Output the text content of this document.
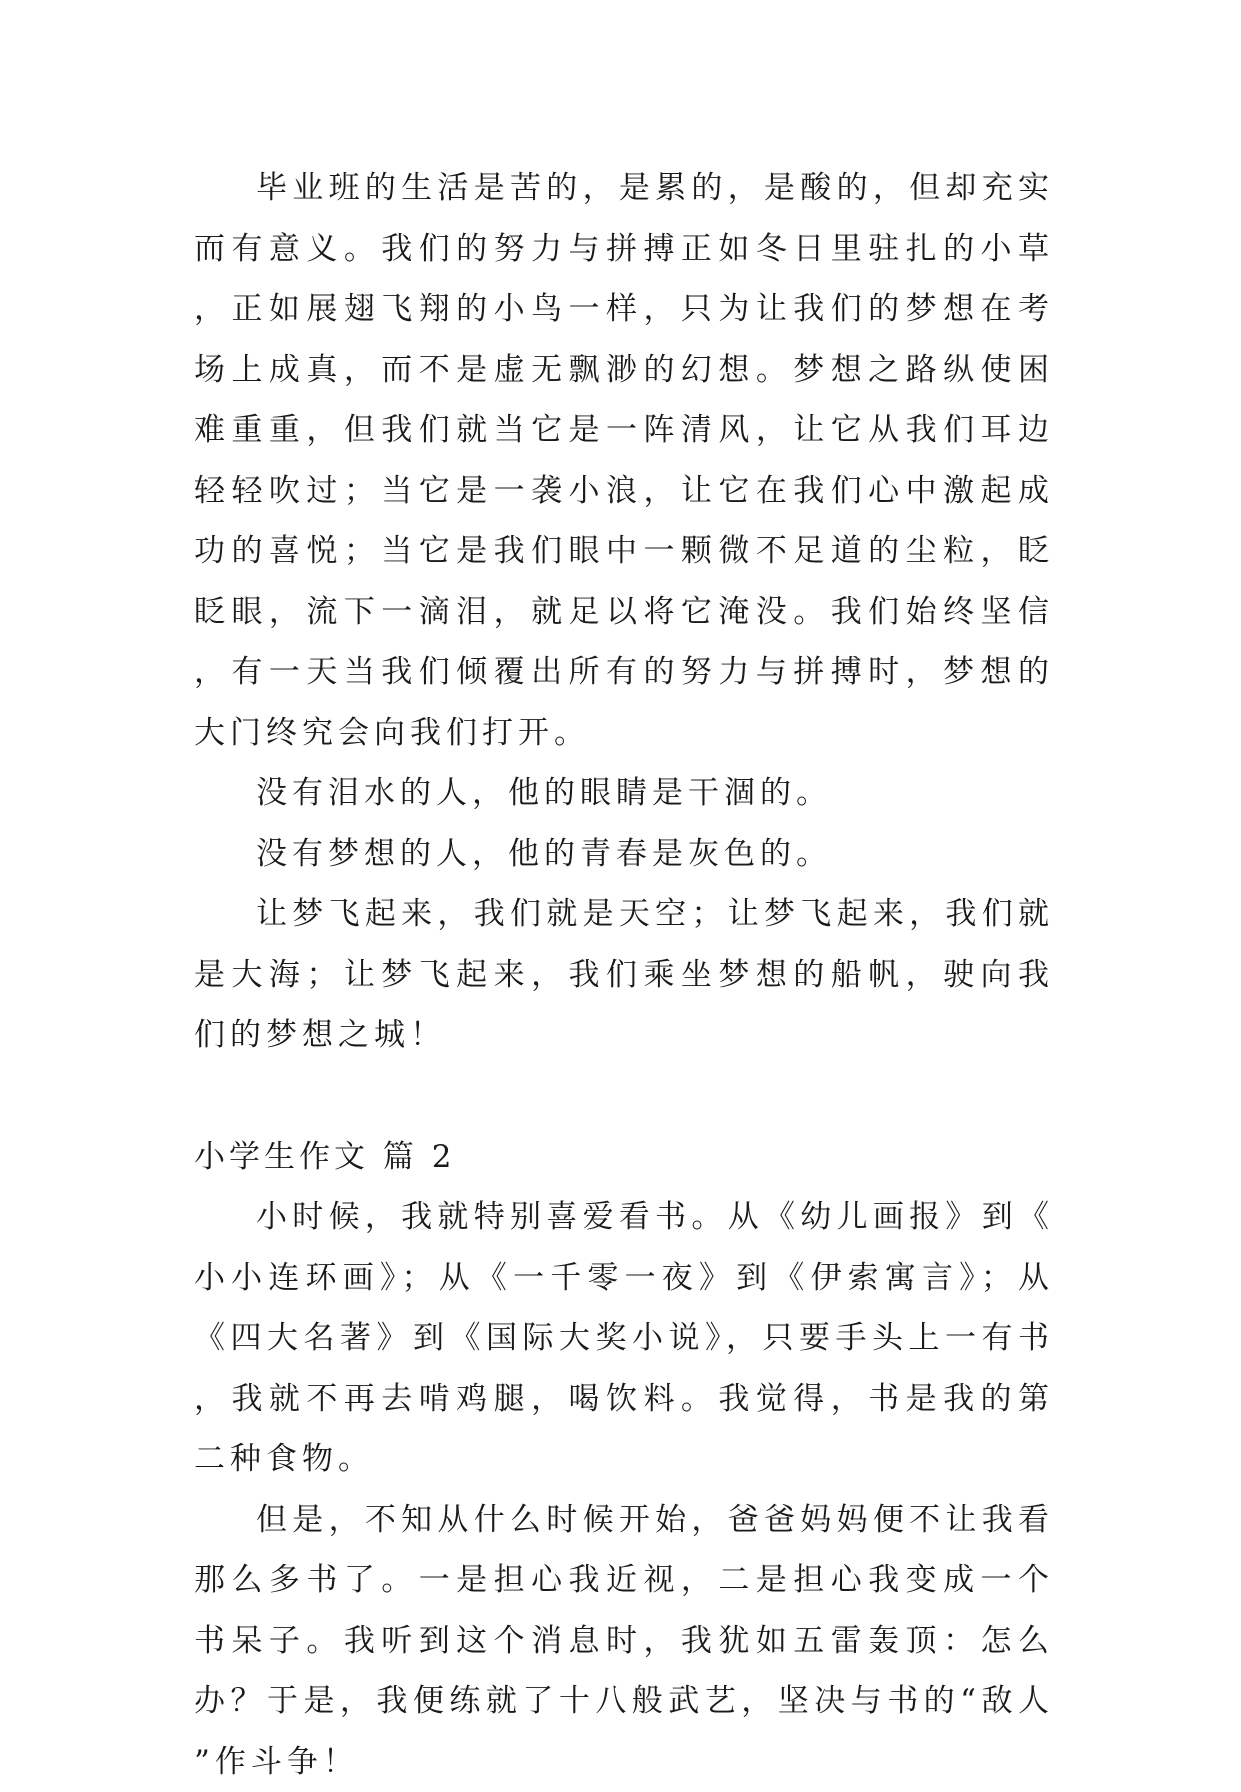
毕业班的生活是苦的，是累的，是酸的，但却充实而有意义。我们的努力与拼搏正如冬日里驻扎的小草，正如展翅飞翔的小鸟一样，只为让我们的梦想在考场上成真，而不是虚无飘渺的幻想。梦想之路纵使困难重重，但我们就当它是一阵清风，让它从我们耳边轻轻吹过；当它是一袭小浪，让它在我们心中激起成功的喜悦；当它是我们眼中一颗微不足道的尘粒，眨眨眼，流下一滴泪，就足以将它淹没。我们始终坚信，有一天当我们倾覆出所有的努力与拼搏时，梦想的大门终究会向我们打开。

没有泪水的人，他的眼睛是干涸的。

没有梦想的人，他的青春是灰色的。

让梦飞起来，我们就是天空；让梦飞起来，我们就是大海；让梦飞起来，我们乘坐梦想的船帆，驶向我们的梦想之城！

小学生作文 篇 2

小时候，我就特别喜爱看书。从《幼儿画报》到《小小连环画》；从《一千零一夜》到《伊索寓言》；从《四大名著》到《国际大奖小说》，只要手头上一有书，我就不再去啃鸡腿，喝饮料。我觉得，书是我的第二种食物。

但是，不知从什么时候开始，爸爸妈妈便不让我看那么多书了。一是担心我近视，二是担心我变成一个书呆子。我听到这个消息时，我犹如五雷轰顶：怎么办？于是，我便练就了十八般武艺，坚决与书的“敌人”作斗争！
